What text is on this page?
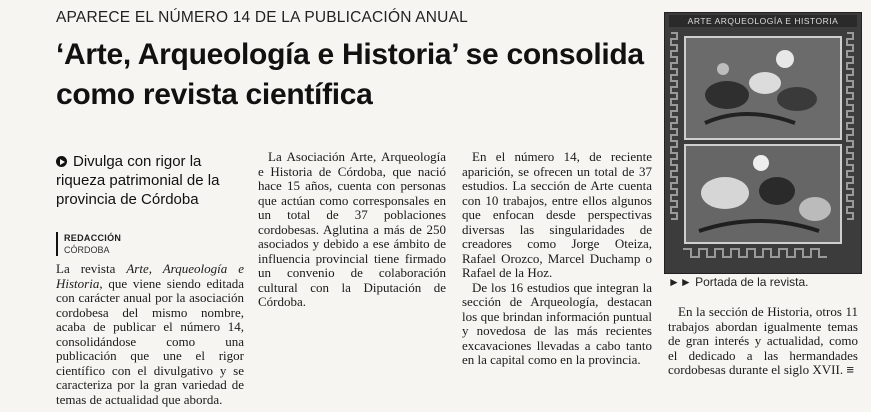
APARECE EL NÚMERO 14 DE LA PUBLICACIÓN ANUAL
‘Arte, Arqueología e Historia’ se consolida como revista científica
Divulga con rigor la riqueza patrimonial de la provincia de Córdoba
REDACCIÓN
CÓRDOBA

La revista Arte, Arqueología e Historia, que viene siendo editada con carácter anual por la asociación cordobesa del mismo nombre, acaba de publicar el número 14, consolidándose como una publicación que une el rigor científico con el divulgativo y se caracteriza por la gran variedad de temas de actualidad que aborda.

La Asociación Arte, Arqueología e Historia de Córdoba, que nació hace 15 años, cuenta con personas que actúan como corresponsales en un total de 37 poblaciones cordobesas. Aglutina a más de 250 asociados y debido a ese ámbito de influencia provincial tiene firmado un convenio de colaboración cultural con la Diputación de Córdoba.

En el número 14, de reciente aparición, se ofrecen un total de 37 estudios. La sección de Arte cuenta con 10 trabajos, entre ellos algunos que enfocan desde perspectivas diversas las singularidades de creadores como Jorge Oteiza, Rafael Orozco, Marcel Duchamp o Rafael de la Hoz.

De los 16 estudios que integran la sección de Arqueología, destacan los que brindan información puntual y novedosa de las más recientes excavaciones llevadas a cabo tanto en la capital como en la provincia.

En la sección de Historia, otros 11 trabajos abordan igualmente temas de gran interés y actualidad, como el dedicado a las hermandades cordobesas durante el siglo XVII. ≡

ARTE ARQUEOLOGÍA E HISTORIA
►► Portada de la revista.
